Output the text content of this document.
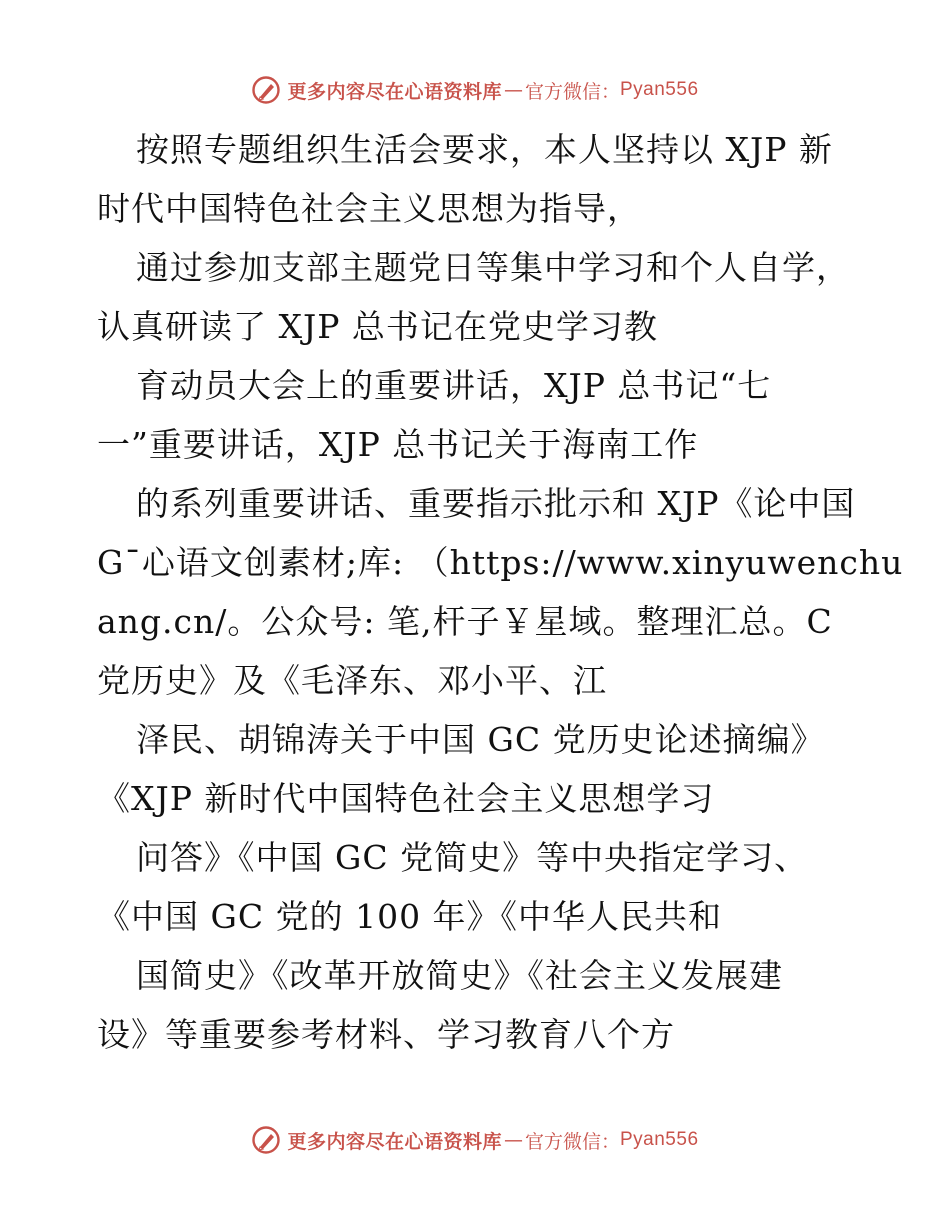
更多内容尽在心语资料库 — 官方微信： Pyan556
按照专题组织生活会要求，本人坚持以 XJP 新
时代中国特色社会主义思想为指导，
通过参加支部主题党日等集中学习和个人自学，
认真研读了 XJP 总书记在党史学习教
育动员大会上的重要讲话，XJP 总书记“七
一”重要讲话，XJP 总书记关于海南工作
的系列重要讲话、重要指示批示和 XJP《论中国
G¯心语文创素材;库: （https://www.xinyuwenchu
ang.cn/。公众号: 笔,杆子￥星域。整理汇总。C
党历史》及《毛泽东、邓小平、江
泽民、胡锦涛关于中国 GC 党历史论述摘编》
《XJP 新时代中国特色社会主义思想学习
问答》《中国 GC 党简史》等中央指定学习、
《中国 GC 党的 100 年》《中华人民共和
国简史》《改革开放简史》《社会主义发展建
设》等重要参考材料、学习教育八个方
更多内容尽在心语资料库 — 官方微信： Pyan556
